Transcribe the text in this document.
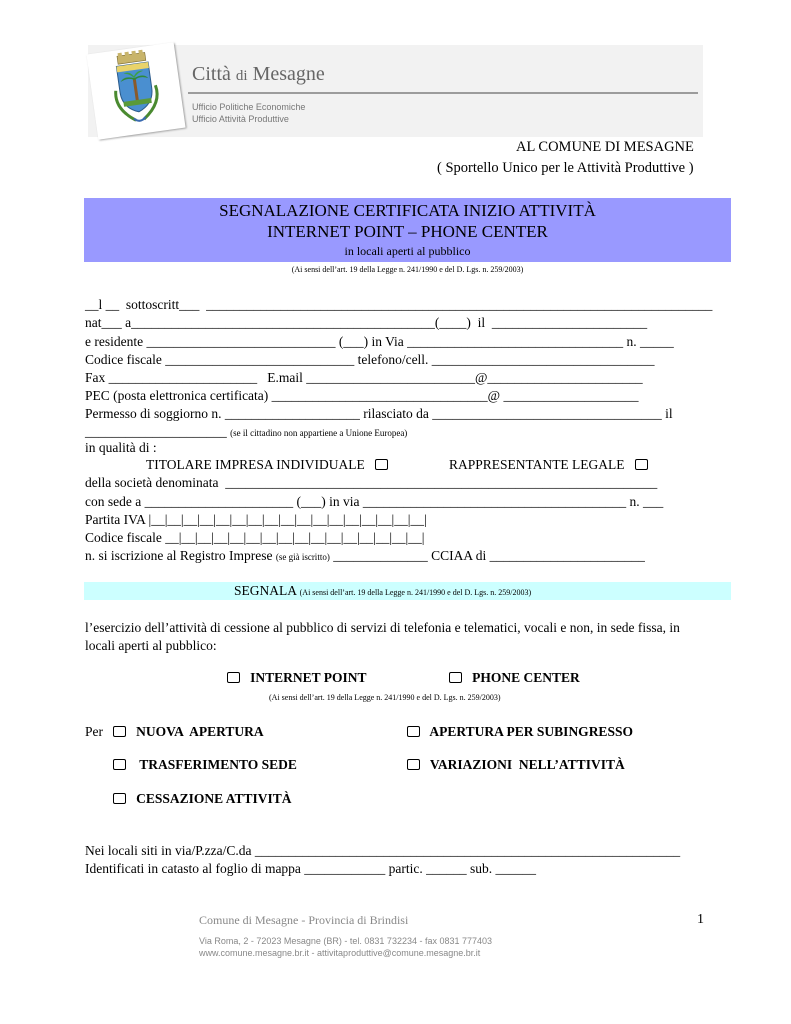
Città di Mesagne
Ufficio Politiche Economiche
Ufficio Attività Produttive
AL COMUNE DI MESAGNE
( Sportello Unico per le Attività Produttive )
SEGNALAZIONE CERTIFICATA INIZIO ATTIVITÀ
INTERNET POINT – PHONE CENTER
in locali aperti al pubblico
(Ai sensi dell’art. 19 della Legge n. 241/1990 e del D. Lgs. n. 259/2003)
__l __  sottoscritt___  ___________________________________________________________________________
nat___ a_____________________________________________(____)  il  _______________________
e residente ____________________________ (___) in Via ________________________________ n. _____
Codice fiscale ____________________________ telefono/cell. _________________________________
Fax ______________________   E.mail _________________________@_______________________
PEC (posta elettronica certificata) ________________________________@ ____________________
Permesso di soggiorno n. ____________________ rilasciato da __________________________________ il
_____________________ (se il cittadino non appartiene a Unione Europea)
in qualità di :
TITOLARE IMPRESA INDIVIDUALE	RAPPRESENTANTE LEGALE
della società denominata  ________________________________________________________________
con sede a ______________________ (___) in via _______________________________________ n. ___
Partita IVA |__|__|__|__|__|__|__|__|__|__|__|__|__|__|__|__|__|
Codice fiscale __|__|__|__|__|__|__|__|__|__|__|__|__|__|__|__|
n. si iscrizione al Registro Imprese (se già iscritto) ______________ CCIAA di _______________________
SEGNALA (Ai sensi dell’art. 19 della Legge n. 241/1990 e del D. Lgs. n. 259/2003)
l’esercizio dell’attività di cessione al pubblico di servizi di telefonia e telematici, vocali e non, in sede fissa, in
locali aperti al pubblico:
INTERNET POINT	PHONE CENTER
(Ai sensi dell’art. 19 della Legge n. 241/1990 e del D. Lgs. n. 259/2003)
Per	NUOVA  APERTURA	APERTURA PER SUBINGRESSO
TRASFERIMENTO SEDE	VARIAZIONI  NELL’ATTIVITÀ
CESSAZIONE ATTIVITÀ
Nei locali siti in via/P.zza/C.da _______________________________________________________________
Identificati in catasto al foglio di mappa ____________ partic. ______ sub. ______
Comune di Mesagne - Provincia di Brindisi	1
Via Roma, 2 - 72023 Mesagne (BR) - tel. 0831 732234 - fax 0831 777403
www.comune.mesagne.br.it - attivitaproduttive@comune.mesagne.br.it
